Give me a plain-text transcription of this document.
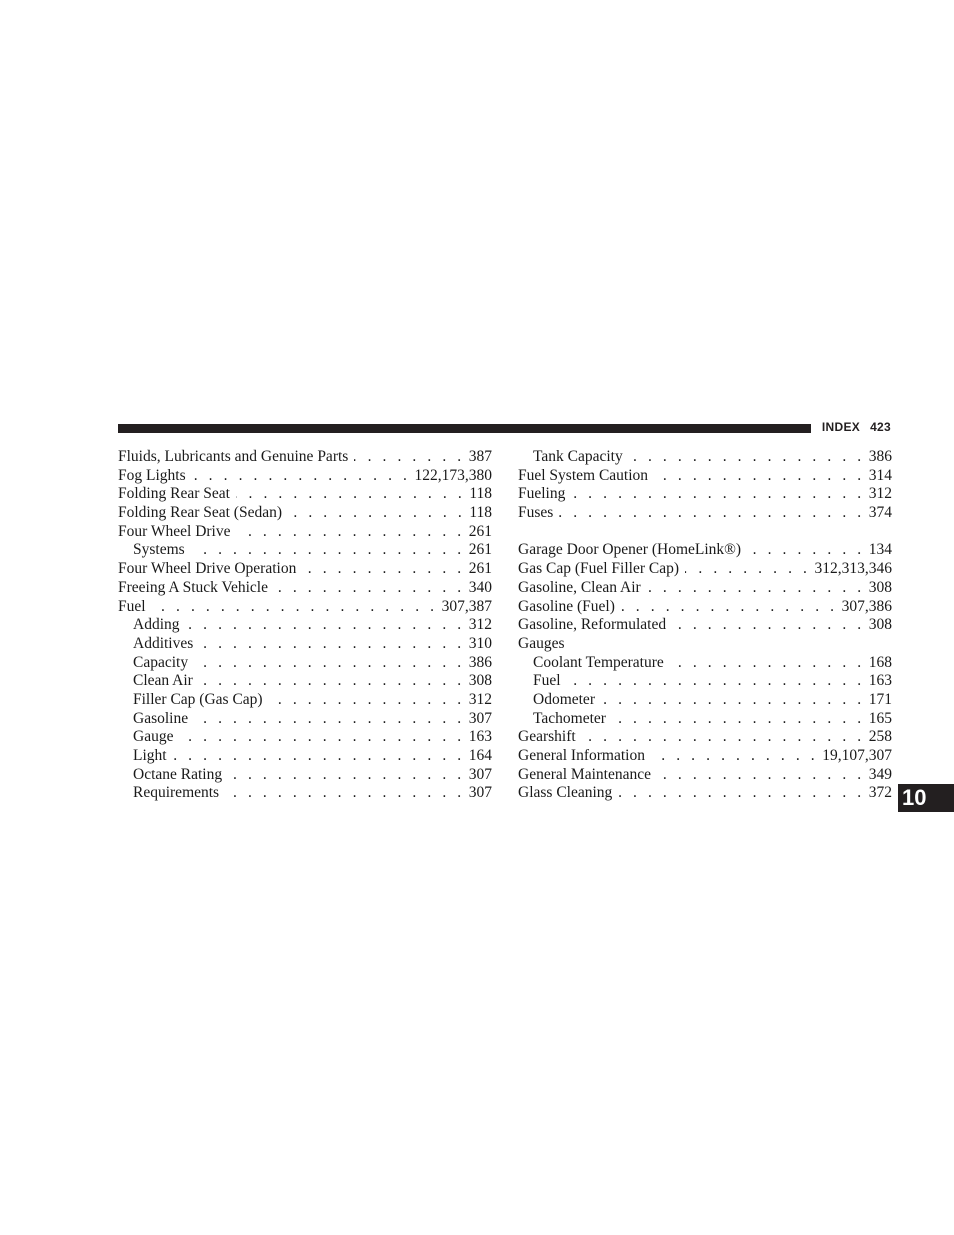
INDEX 423
Fluids, Lubricants and Genuine Parts . . .	387
Fog Lights . . .	122,173,380
Folding Rear Seat . . .	118
Folding Rear Seat (Sedan) . . .	118
Four Wheel Drive . . .	261
Systems . . .	261
Four Wheel Drive Operation . . .	261
Freeing A Stuck Vehicle . . .	340
Fuel . . .	307,387
Adding . . .	312
Additives . . .	310
Capacity . . .	386
Clean Air . . .	308
Filler Cap (Gas Cap) . . .	312
Gasoline . . .	307
Gauge . . .	163
Light . . .	164
Octane Rating . . .	307
Requirements . . .	307
Tank Capacity . . .	386
Fuel System Caution . . .	314
Fueling . . .	312
Fuses . . .	374
Garage Door Opener (HomeLink®) . . .	134
Gas Cap (Fuel Filler Cap) . . .	312,313,346
Gasoline, Clean Air . . .	308
Gasoline (Fuel) . . .	307,386
Gasoline, Reformulated . . .	308
Gauges
Coolant Temperature . . .	168
Fuel . . .	163
Odometer . . .	171
Tachometer . . .	165
Gearshift . . .	258
General Information . . .	19,107,307
General Maintenance . . .	349
Glass Cleaning . . .	372 10
